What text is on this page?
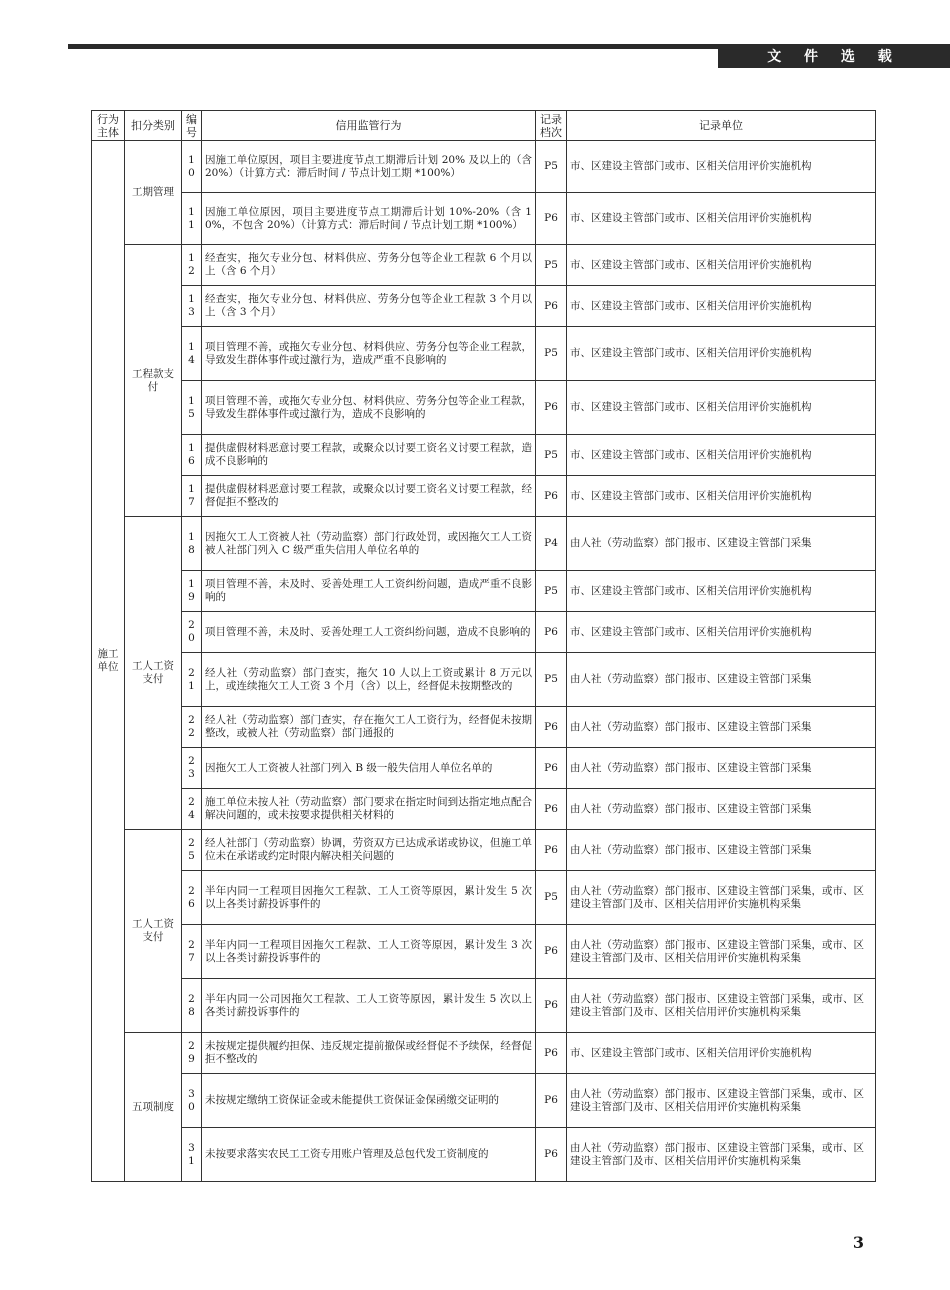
文 件 选 载
行为主体	扣分类别	编号	信用监管行为	记录档次	记录单位
施工单位	工期管理	10	因施工单位原因，项目主要进度节点工期滞后计划 20% 及以上的（含 20%）（计算方式：滞后时间 / 节点计划工期 *100%）	P5	市、区建设主管部门或市、区相关信用评价实施机构
		11	因施工单位原因，项目主要进度节点工期滞后计划 10%-20%（含 10%，不包含 20%）（计算方式：滞后时间 / 节点计划工期 *100%）	P6	市、区建设主管部门或市、区相关信用评价实施机构
	工程款支付	12	经查实，拖欠专业分包、材料供应、劳务分包等企业工程款 6 个月以上（含 6 个月）	P5	市、区建设主管部门或市、区相关信用评价实施机构
		13	经查实，拖欠专业分包、材料供应、劳务分包等企业工程款 3 个月以上（含 3 个月）	P6	市、区建设主管部门或市、区相关信用评价实施机构
		14	项目管理不善，或拖欠专业分包、材料供应、劳务分包等企业工程款，导致发生群体事件或过激行为，造成严重不良影响的	P5	市、区建设主管部门或市、区相关信用评价实施机构
		15	项目管理不善，或拖欠专业分包、材料供应、劳务分包等企业工程款，导致发生群体事件或过激行为，造成不良影响的	P6	市、区建设主管部门或市、区相关信用评价实施机构
		16	提供虚假材料恶意讨要工程款，或聚众以讨要工资名义讨要工程款，造成不良影响的	P5	市、区建设主管部门或市、区相关信用评价实施机构
		17	提供虚假材料恶意讨要工程款，或聚众以讨要工资名义讨要工程款，经督促拒不整改的	P6	市、区建设主管部门或市、区相关信用评价实施机构
	工人工资支付	18	因拖欠工人工资被人社（劳动监察）部门行政处罚，或因拖欠工人工资被人社部门列入 C 级严重失信用人单位名单的	P4	由人社（劳动监察）部门报市、区建设主管部门采集
		19	项目管理不善，未及时、妥善处理工人工资纠纷问题，造成严重不良影响的	P5	市、区建设主管部门或市、区相关信用评价实施机构
		20	项目管理不善，未及时、妥善处理工人工资纠纷问题，造成不良影响的	P6	市、区建设主管部门或市、区相关信用评价实施机构
		21	经人社（劳动监察）部门查实，拖欠 10 人以上工资或累计 8 万元以上，或连续拖欠工人工资 3 个月（含）以上，经督促未按期整改的	P5	由人社（劳动监察）部门报市、区建设主管部门采集
		22	经人社（劳动监察）部门查实，存在拖欠工人工资行为，经督促未按期整改，或被人社（劳动监察）部门通报的	P6	由人社（劳动监察）部门报市、区建设主管部门采集
		23	因拖欠工人工资被人社部门列入 B 级一般失信用人单位名单的	P6	由人社（劳动监察）部门报市、区建设主管部门采集
		24	施工单位未按人社（劳动监察）部门要求在指定时间到达指定地点配合解决问题的，或未按要求提供相关材料的	P6	由人社（劳动监察）部门报市、区建设主管部门采集
	工人工资支付	25	经人社部门（劳动监察）协调，劳资双方已达成承诺或协议，但施工单位未在承诺或约定时限内解决相关问题的	P6	由人社（劳动监察）部门报市、区建设主管部门采集
		26	半年内同一工程项目因拖欠工程款、工人工资等原因，累计发生 5 次以上各类讨薪投诉事件的	P5	由人社（劳动监察）部门报市、区建设主管部门采集，或市、区建设主管部门及市、区相关信用评价实施机构采集
		27	半年内同一工程项目因拖欠工程款、工人工资等原因，累计发生 3 次以上各类讨薪投诉事件的	P6	由人社（劳动监察）部门报市、区建设主管部门采集，或市、区建设主管部门及市、区相关信用评价实施机构采集
		28	半年内同一公司因拖欠工程款、工人工资等原因，累计发生 5 次以上各类讨薪投诉事件的	P6	由人社（劳动监察）部门报市、区建设主管部门采集，或市、区建设主管部门及市、区相关信用评价实施机构采集
	五项制度	29	未按规定提供履约担保、违反规定提前撤保或经督促不予续保，经督促拒不整改的	P6	市、区建设主管部门或市、区相关信用评价实施机构
		30	未按规定缴纳工资保证金或未能提供工资保证金保函缴交证明的	P6	由人社（劳动监察）部门报市、区建设主管部门采集，或市、区建设主管部门及市、区相关信用评价实施机构采集
		31	未按要求落实农民工工资专用账户管理及总包代发工资制度的	P6	由人社（劳动监察）部门报市、区建设主管部门采集，或市、区建设主管部门及市、区相关信用评价实施机构采集
3
